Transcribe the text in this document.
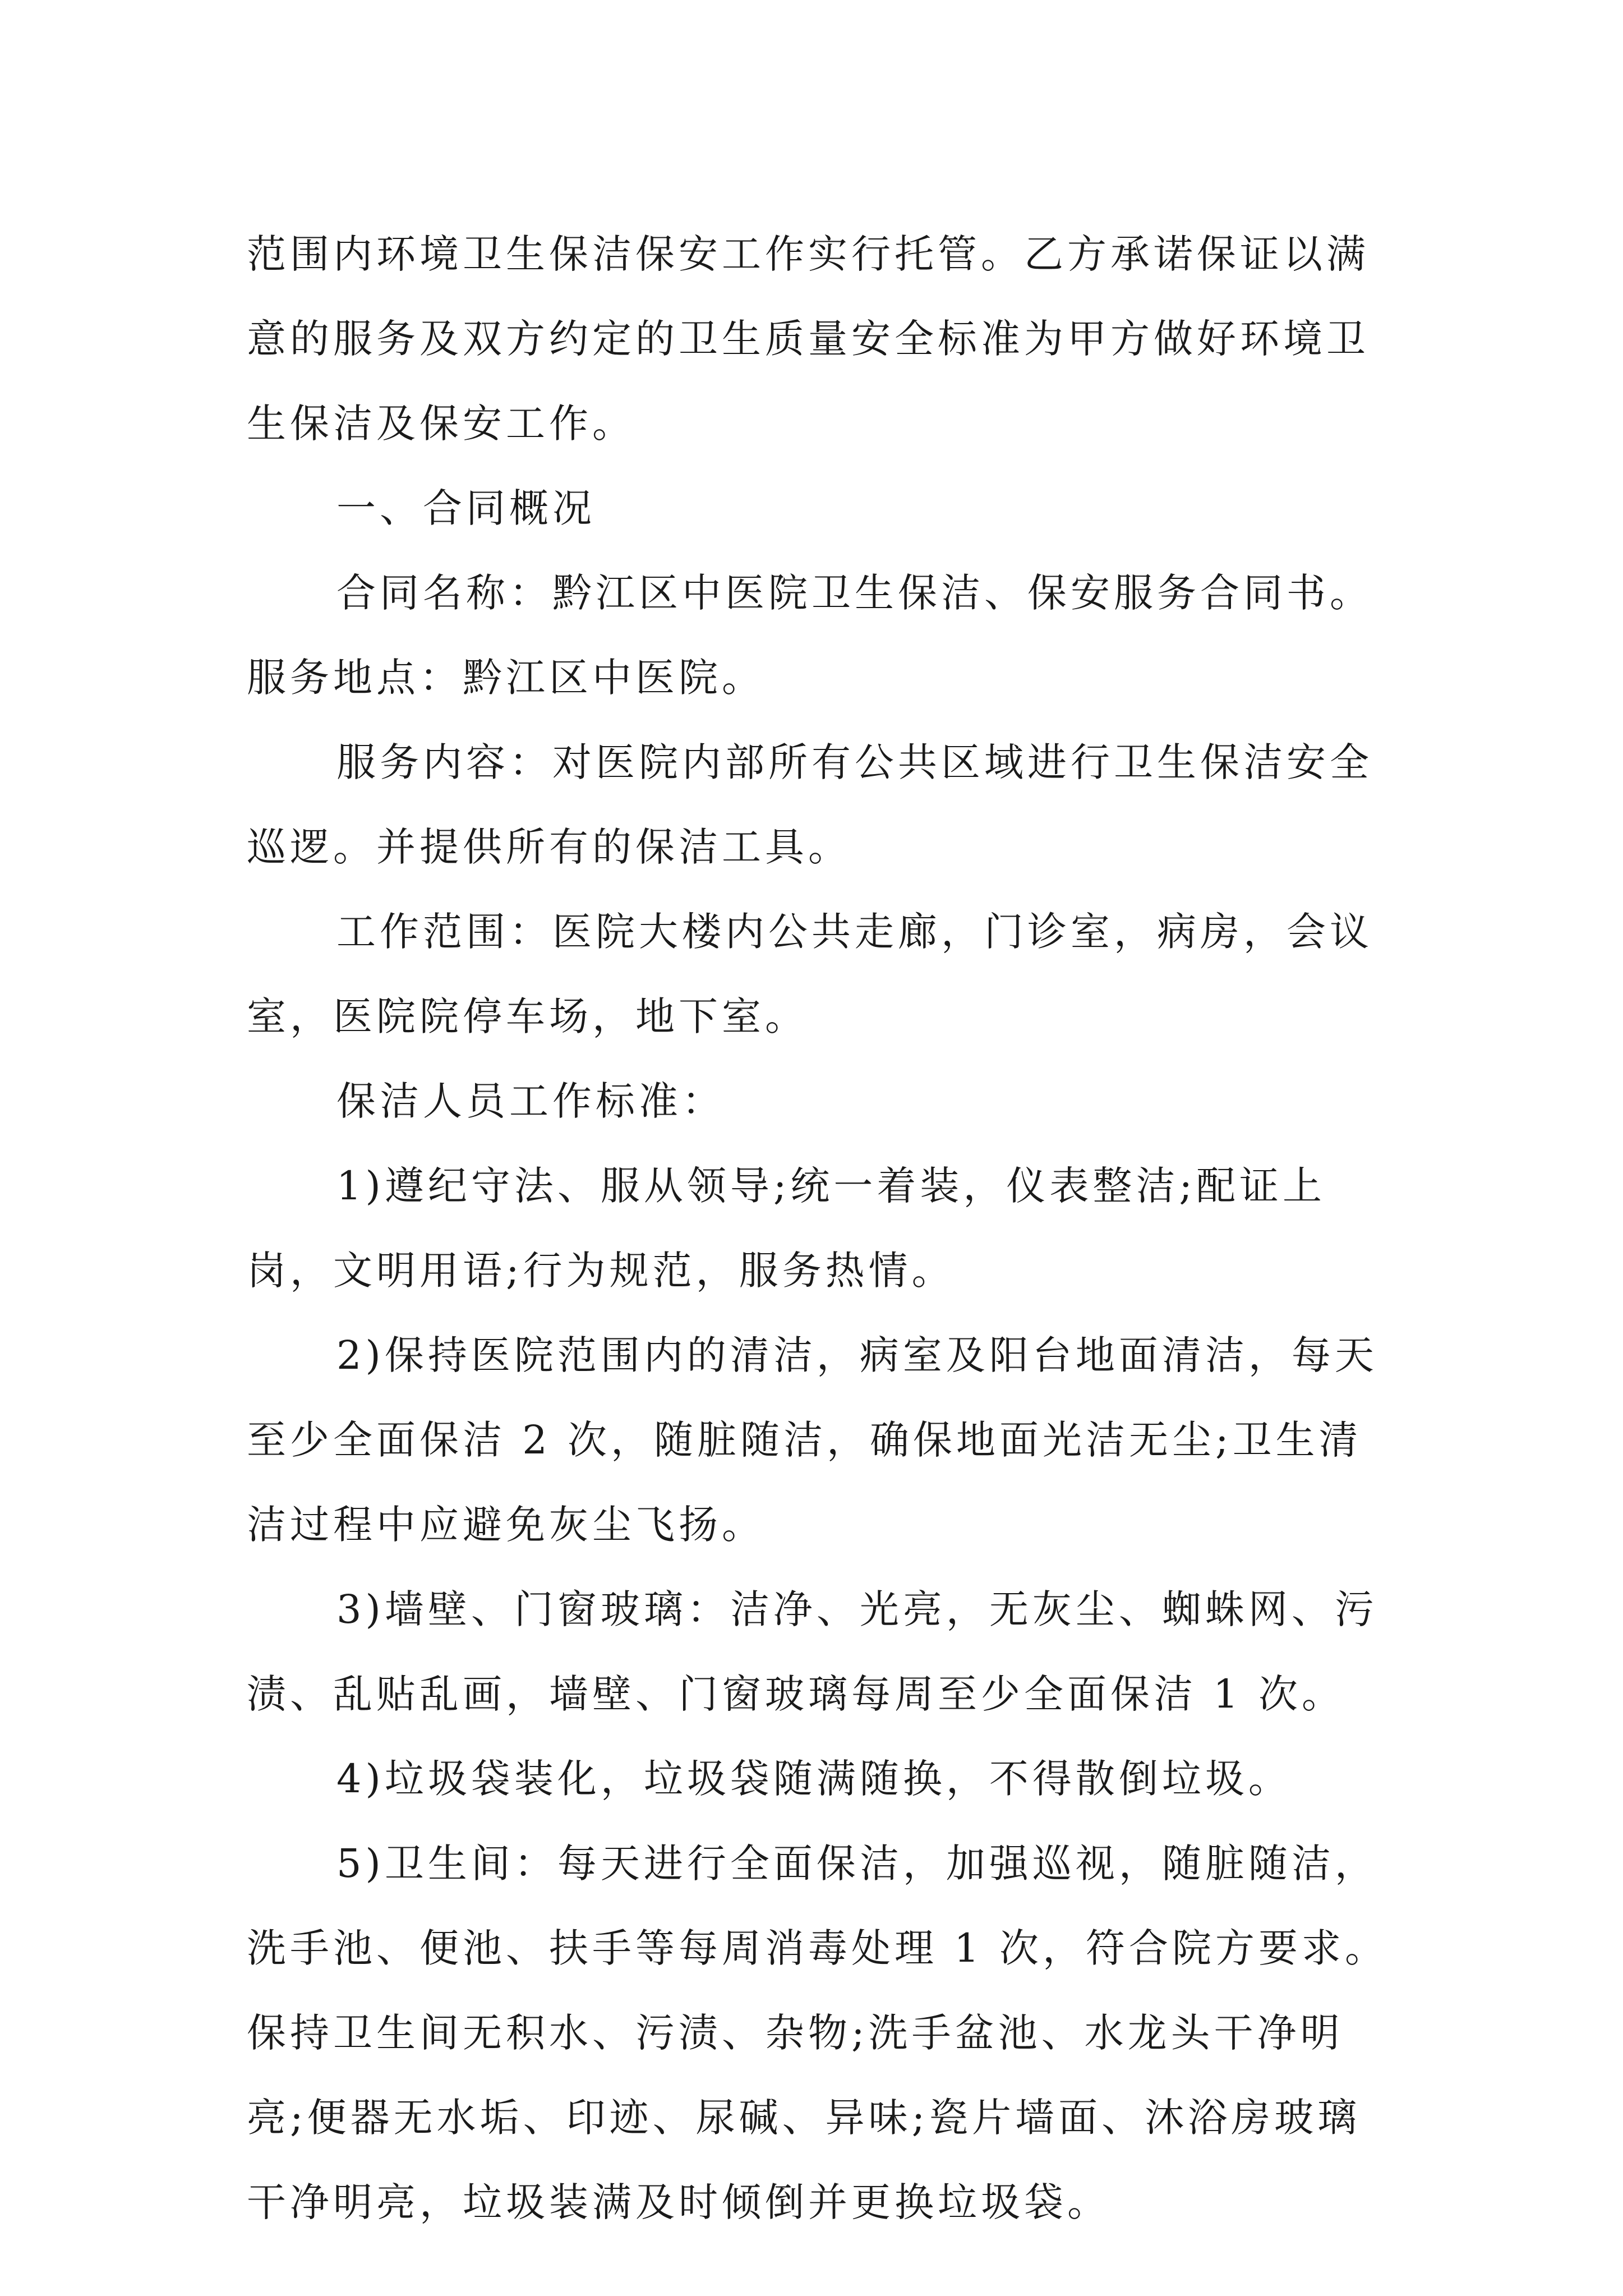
范围内环境卫生保洁保安工作实行托管。乙方承诺保证以满意的服务及双方约定的卫生质量安全标准为甲方做好环境卫生保洁及保安工作。

一、合同概况

合同名称：黔江区中医院卫生保洁、保安服务合同书。

服务地点：黔江区中医院。

服务内容：对医院内部所有公共区域进行卫生保洁安全巡逻。并提供所有的保洁工具。

工作范围：医院大楼内公共走廊，门诊室，病房，会议室，医院院停车场，地下室。

保洁人员工作标准：

1)遵纪守法、服从领导;统一着装，仪表整洁;配证上岗，文明用语;行为规范，服务热情。

2)保持医院范围内的清洁，病室及阳台地面清洁，每天至少全面保洁 2 次，随脏随洁，确保地面光洁无尘;卫生清洁过程中应避免灰尘飞扬。

3)墙壁、门窗玻璃：洁净、光亮，无灰尘、蜘蛛网、污渍、乱贴乱画，墙壁、门窗玻璃每周至少全面保洁 1 次。

4)垃圾袋装化，垃圾袋随满随换，不得散倒垃圾。

5)卫生间：每天进行全面保洁，加强巡视，随脏随洁，洗手池、便池、扶手等每周消毒处理 1 次，符合院方要求。保持卫生间无积水、污渍、杂物;洗手盆池、水龙头干净明亮;便器无水垢、印迹、尿碱、异味;瓷片墙面、沐浴房玻璃干净明亮，垃圾装满及时倾倒并更换垃圾袋。
